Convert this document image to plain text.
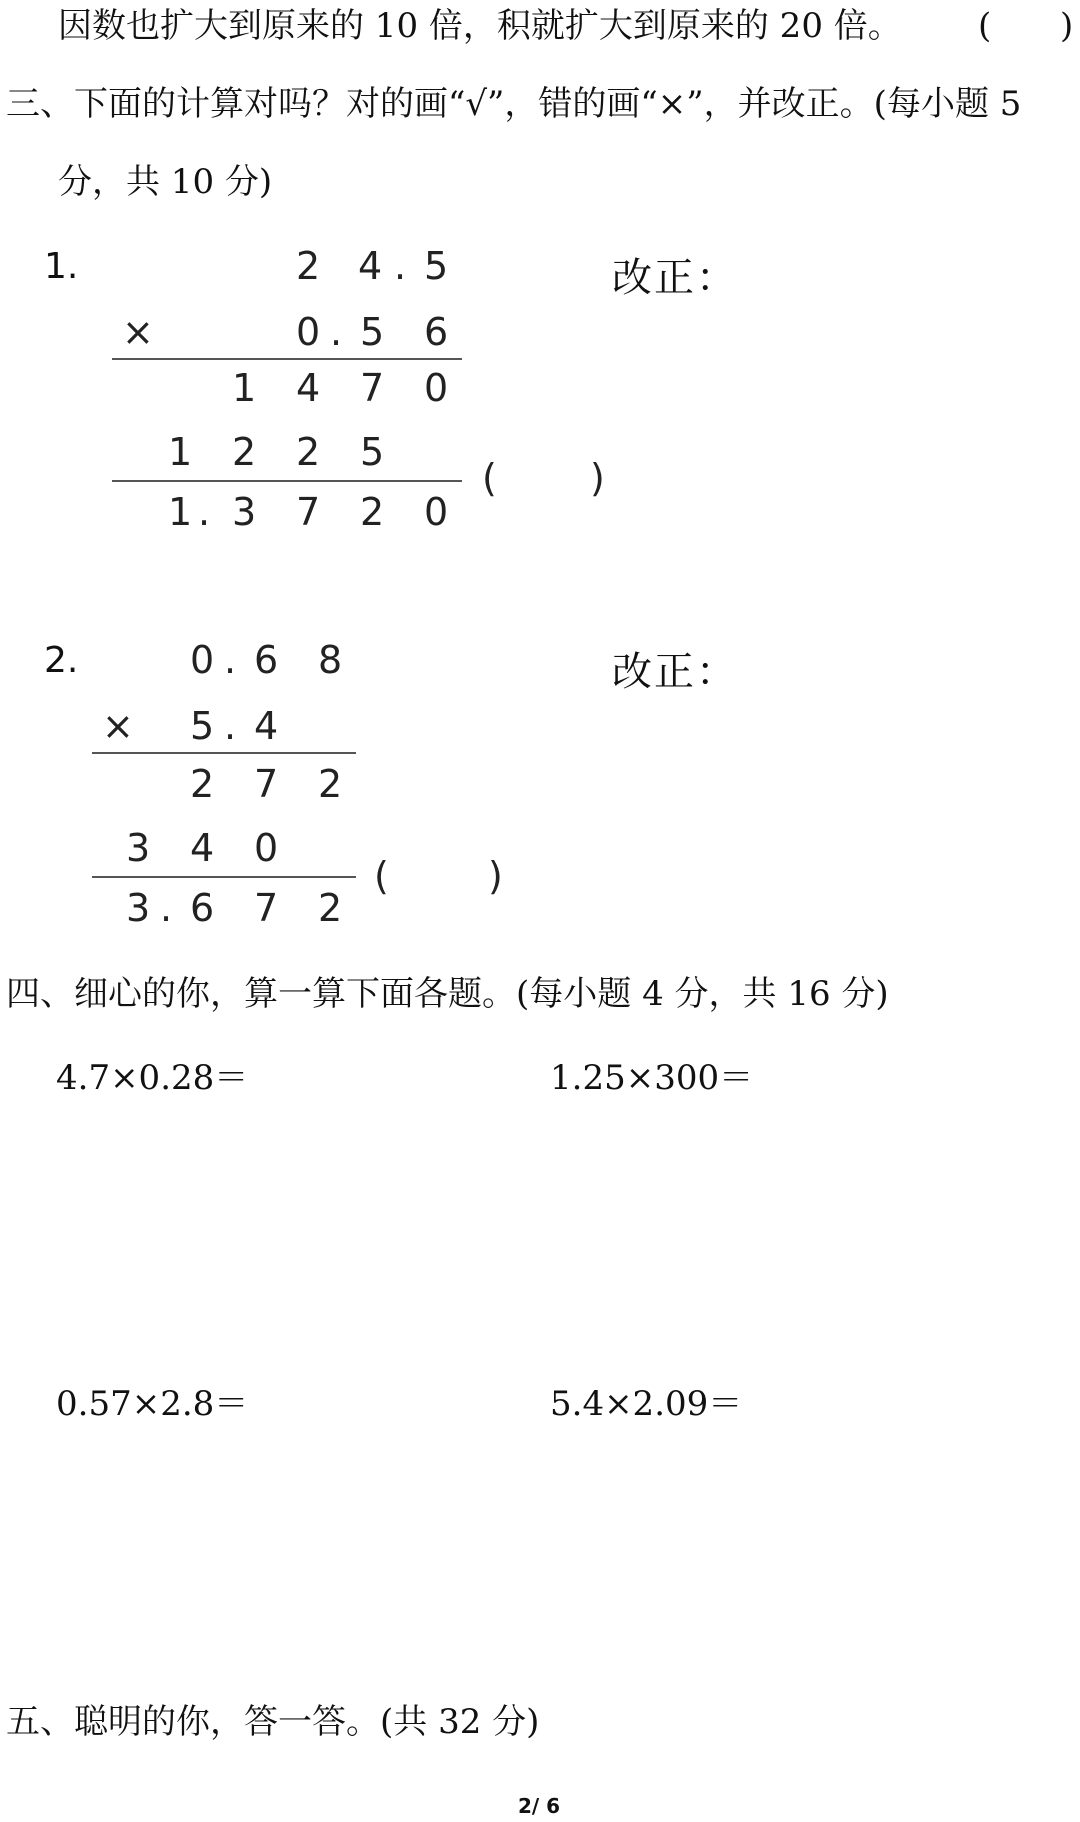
因数也扩大到原来的 10 倍，积就扩大到原来的 20 倍。 ( )
三、下面的计算对吗？对的画“√”，错的画“×”，并改正。(每小题 5
分，共 10 分)
1.	改正：
2 4 . 5
×	0 . 5 6
1 4 7 0
1 2 2 5
1 . 3 7 2 0
( )
2.	改正：
0 . 6 8
× 5 . 4
2 7 2
3 4 0
3 . 6 7 2
(	)
四、细心的你，算一算下面各题。(每小题 4 分，共 16 分)
4.7×0.28＝	1.25×300＝
0.57×2.8＝	5.4×2.09＝
五、聪明的你，答一答。(共 32 分)
2/ 6
